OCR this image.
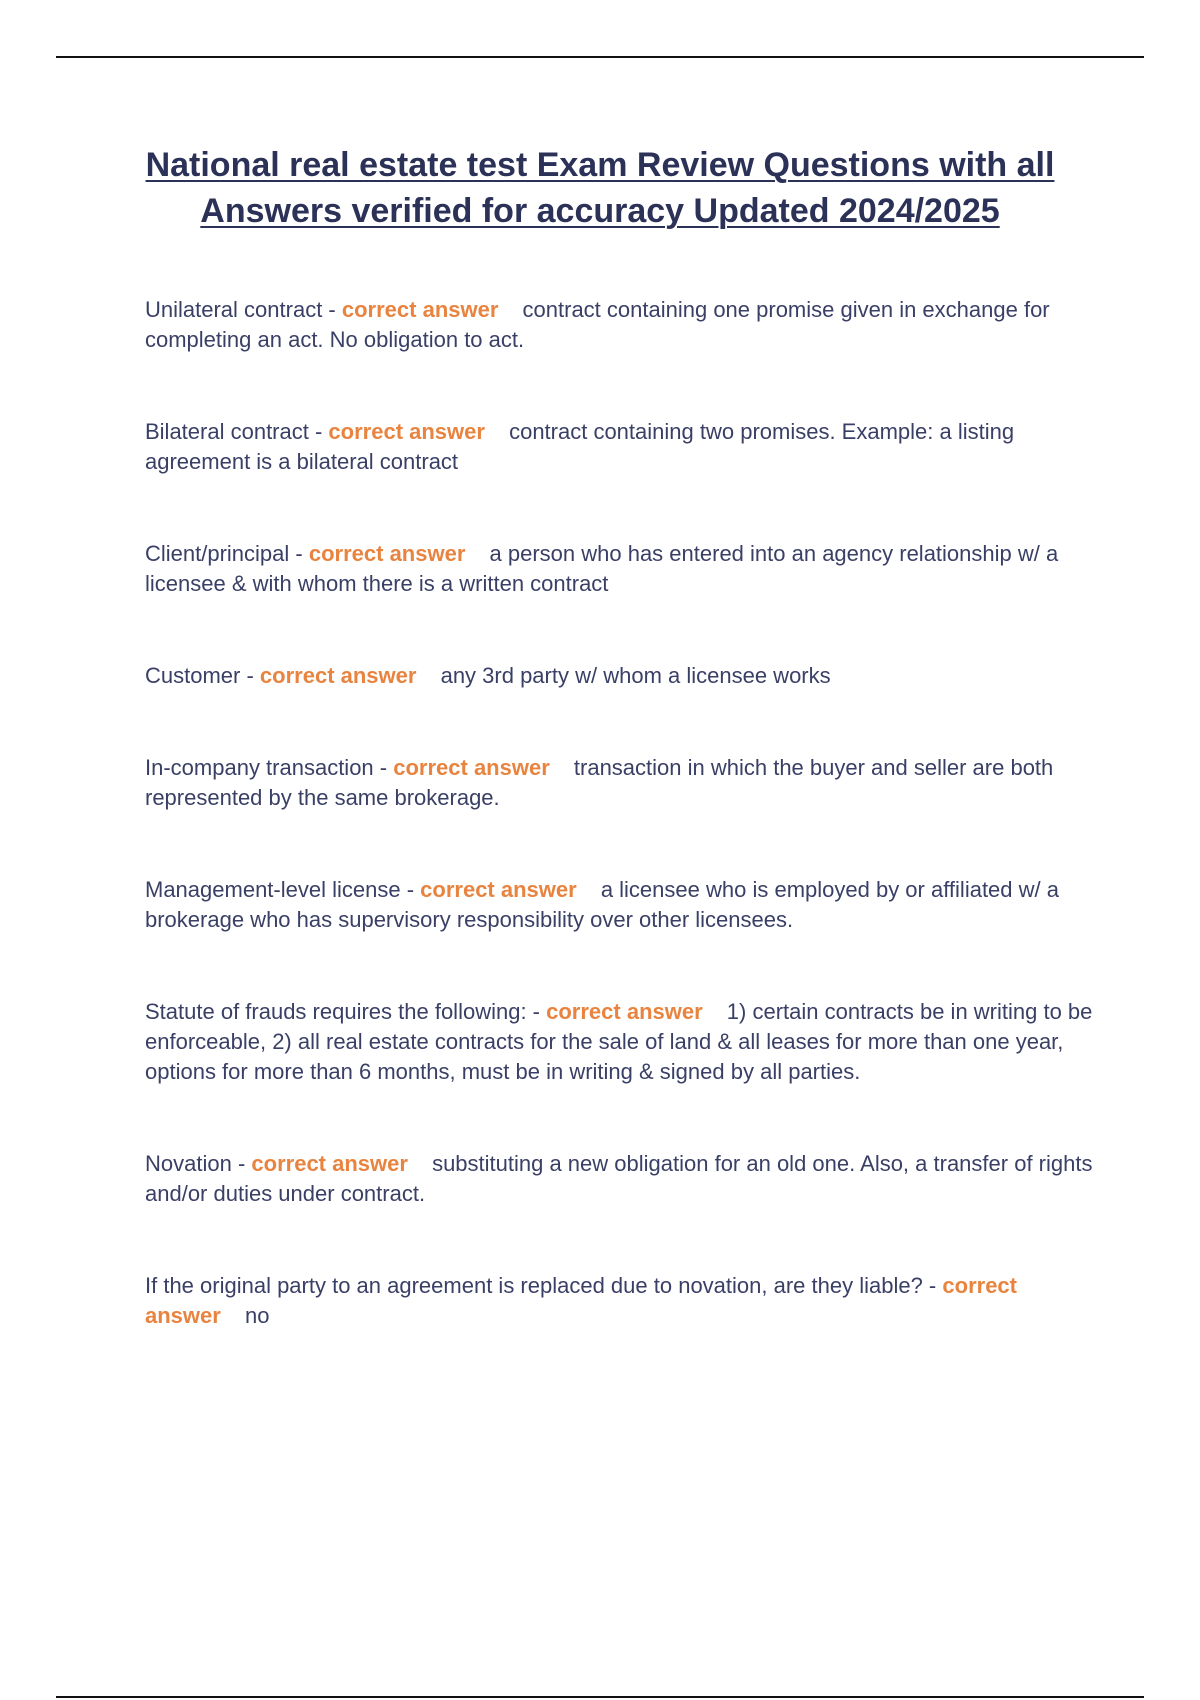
National real estate test Exam Review Questions with all Answers verified for accuracy Updated 2024/2025
Unilateral contract - correct answer contract containing one promise given in exchange for completing an act. No obligation to act.
Bilateral contract - correct answer contract containing two promises. Example: a listing agreement is a bilateral contract
Client/principal - correct answer a person who has entered into an agency relationship w/ a licensee & with whom there is a written contract
Customer - correct answer any 3rd party w/ whom a licensee works
In-company transaction - correct answer transaction in which the buyer and seller are both represented by the same brokerage.
Management-level license - correct answer a licensee who is employed by or affiliated w/ a brokerage who has supervisory responsibility over other licensees.
Statute of frauds requires the following: - correct answer 1) certain contracts be in writing to be enforceable, 2) all real estate contracts for the sale of land & all leases for more than one year, options for more than 6 months, must be in writing & signed by all parties.
Novation - correct answer substituting a new obligation for an old one. Also, a transfer of rights and/or duties under contract.
If the original party to an agreement is replaced due to novation, are they liable? - correct answer no
